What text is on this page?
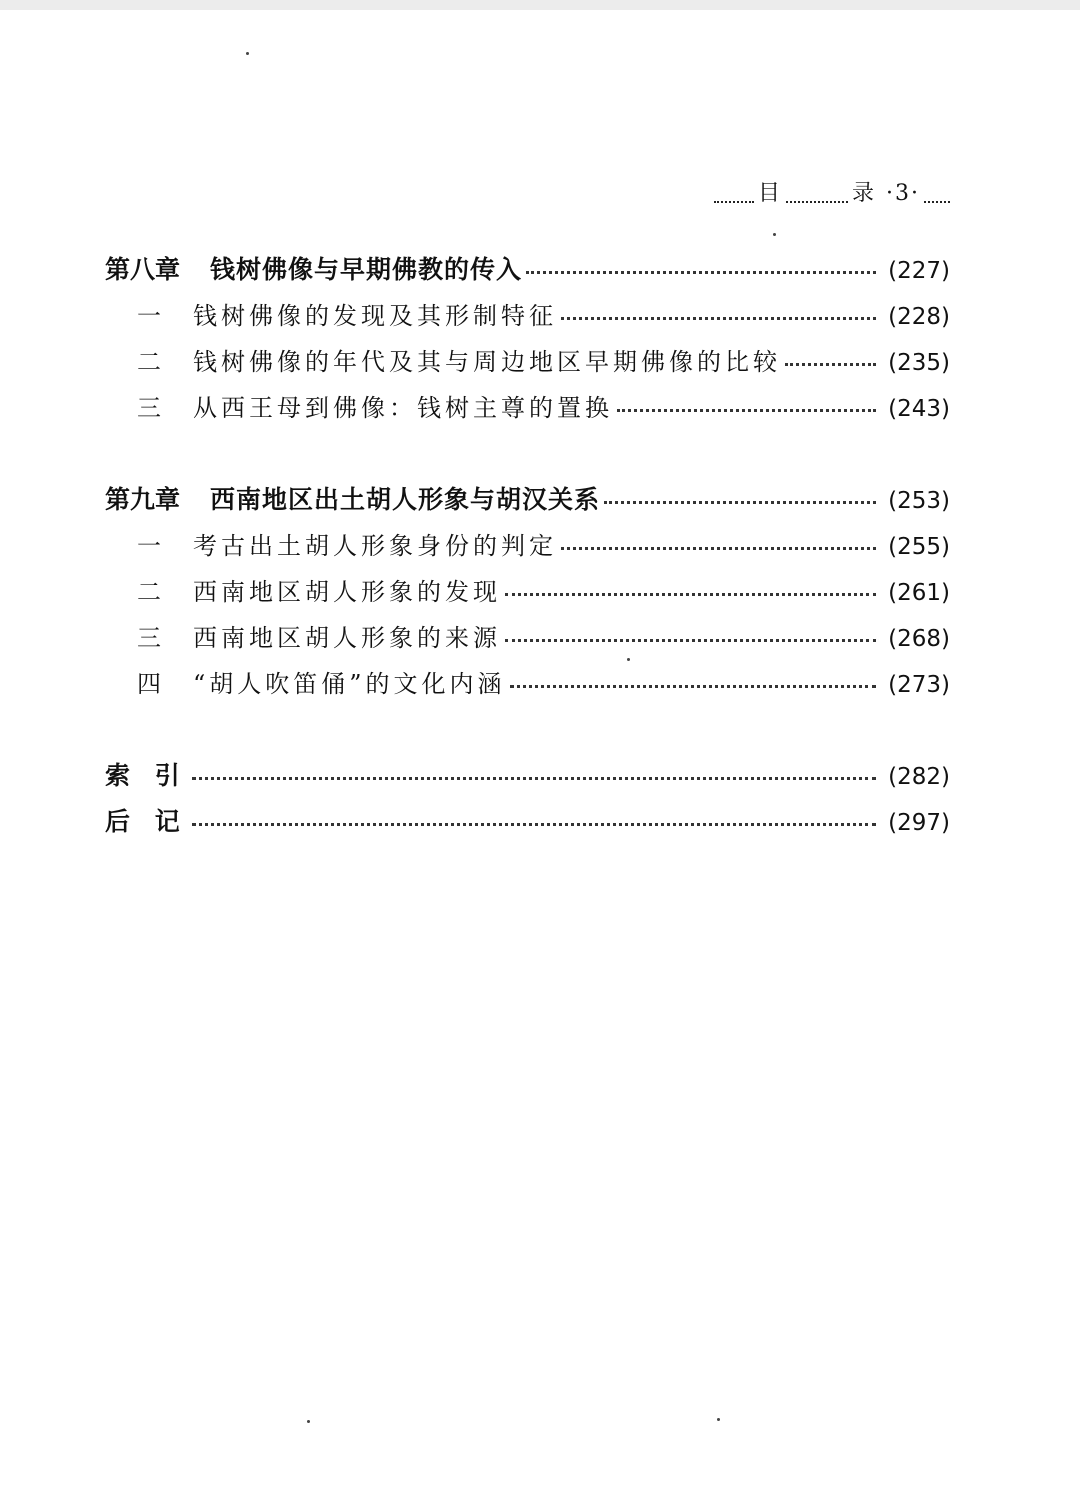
目	录 ·3·
第八章 钱树佛像与早期佛教的传入	(227)
一	钱树佛像的发现及其形制特征	(228)
二	钱树佛像的年代及其与周边地区早期佛像的比较	(235)
三	从西王母到佛像：钱树主尊的置换	(243)
第九章 西南地区出土胡人形象与胡汉关系	(253)
一	考古出土胡人形象身份的判定	(255)
二	西南地区胡人形象的发现	(261)
三	西南地区胡人形象的来源	(268)
四	“胡人吹笛俑”的文化内涵	(273)
索 引	(282)
后 记	(297)
